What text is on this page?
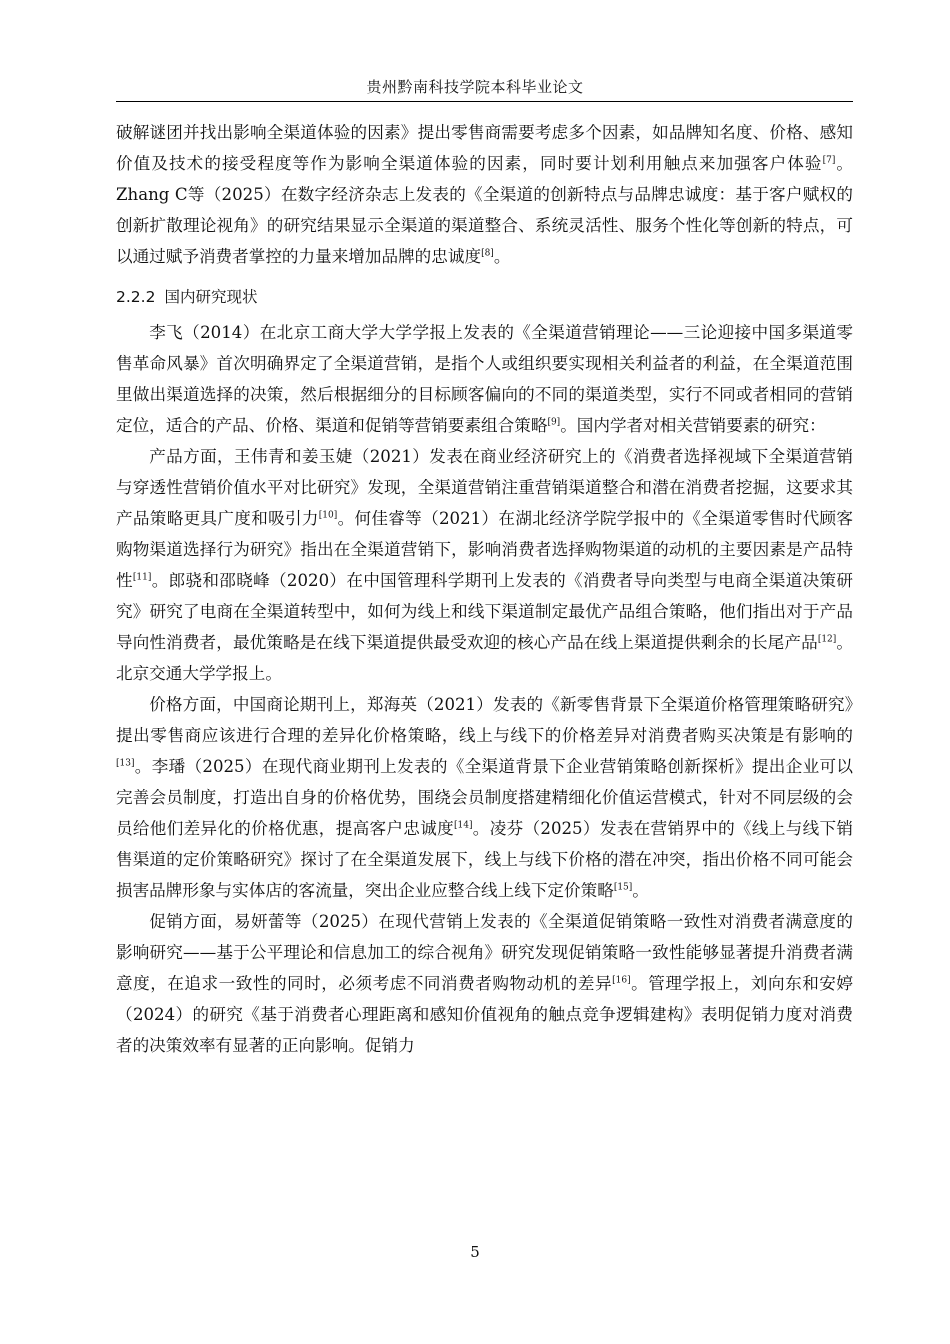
贵州黔南科技学院本科毕业论文

破解谜团并找出影响全渠道体验的因素》提出零售商需要考虑多个因素，如品牌知名度、价格、感知价值及技术的接受程度等作为影响全渠道体验的因素，同时要计划利用触点来加强客户体验[7]。Zhang C等（2025）在数字经济杂志上发表的《全渠道的创新特点与品牌忠诚度：基于客户赋权的创新扩散理论视角》的研究结果显示全渠道的渠道整合、系统灵活性、服务个性化等创新的特点，可以通过赋予消费者掌控的力量来增加品牌的忠诚度[8]。

2.2.2 国内研究现状

李飞（2014）在北京工商大学大学学报上发表的《全渠道营销理论——三论迎接中国多渠道零售革命风暴》首次明确界定了全渠道营销，是指个人或组织要实现相关利益者的利益，在全渠道范围里做出渠道选择的决策，然后根据细分的目标顾客偏向的不同的渠道类型，实行不同或者相同的营销定位，适合的产品、价格、渠道和促销等营销要素组合策略[9]。国内学者对相关营销要素的研究：

产品方面，王伟青和姜玉婕（2021）发表在商业经济研究上的《消费者选择视域下全渠道营销与穿透性营销价值水平对比研究》发现，全渠道营销注重营销渠道整合和潜在消费者挖掘，这要求其产品策略更具广度和吸引力[10]。何佳睿等（2021）在湖北经济学院学报中的《全渠道零售时代顾客购物渠道选择行为研究》指出在全渠道营销下，影响消费者选择购物渠道的动机的主要因素是产品特性[11]。郎骁和邵晓峰（2020）在中国管理科学期刊上发表的《消费者导向类型与电商全渠道决策研究》研究了电商在全渠道转型中，如何为线上和线下渠道制定最优产品组合策略，他们指出对于产品导向性消费者，最优策略是在线下渠道提供最受欢迎的核心产品在线上渠道提供剩余的长尾产品[12]。北京交通大学学报上。

价格方面，中国商论期刊上，郑海英（2021）发表的《新零售背景下全渠道价格管理策略研究》提出零售商应该进行合理的差异化价格策略，线上与线下的价格差异对消费者购买决策是有影响的[13]。李璠（2025）在现代商业期刊上发表的《全渠道背景下企业营销策略创新探析》提出企业可以完善会员制度，打造出自身的价格优势，围绕会员制度搭建精细化价值运营模式，针对不同层级的会员给他们差异化的价格优惠，提高客户忠诚度[14]。凌芬（2025）发表在营销界中的《线上与线下销售渠道的定价策略研究》探讨了在全渠道发展下，线上与线下价格的潜在冲突，指出价格不同可能会损害品牌形象与实体店的客流量，突出企业应整合线上线下定价策略[15]。

促销方面，易妍蕾等（2025）在现代营销上发表的《全渠道促销策略一致性对消费者满意度的影响研究——基于公平理论和信息加工的综合视角》研究发现促销策略一致性能够显著提升消费者满意度，在追求一致性的同时，必须考虑不同消费者购物动机的差异[16]。管理学报上，刘向东和安婷（2024）的研究《基于消费者心理距离和感知价值视角的触点竞争逻辑建构》表明促销力度对消费者的决策效率有显著的正向影响。促销力

5
